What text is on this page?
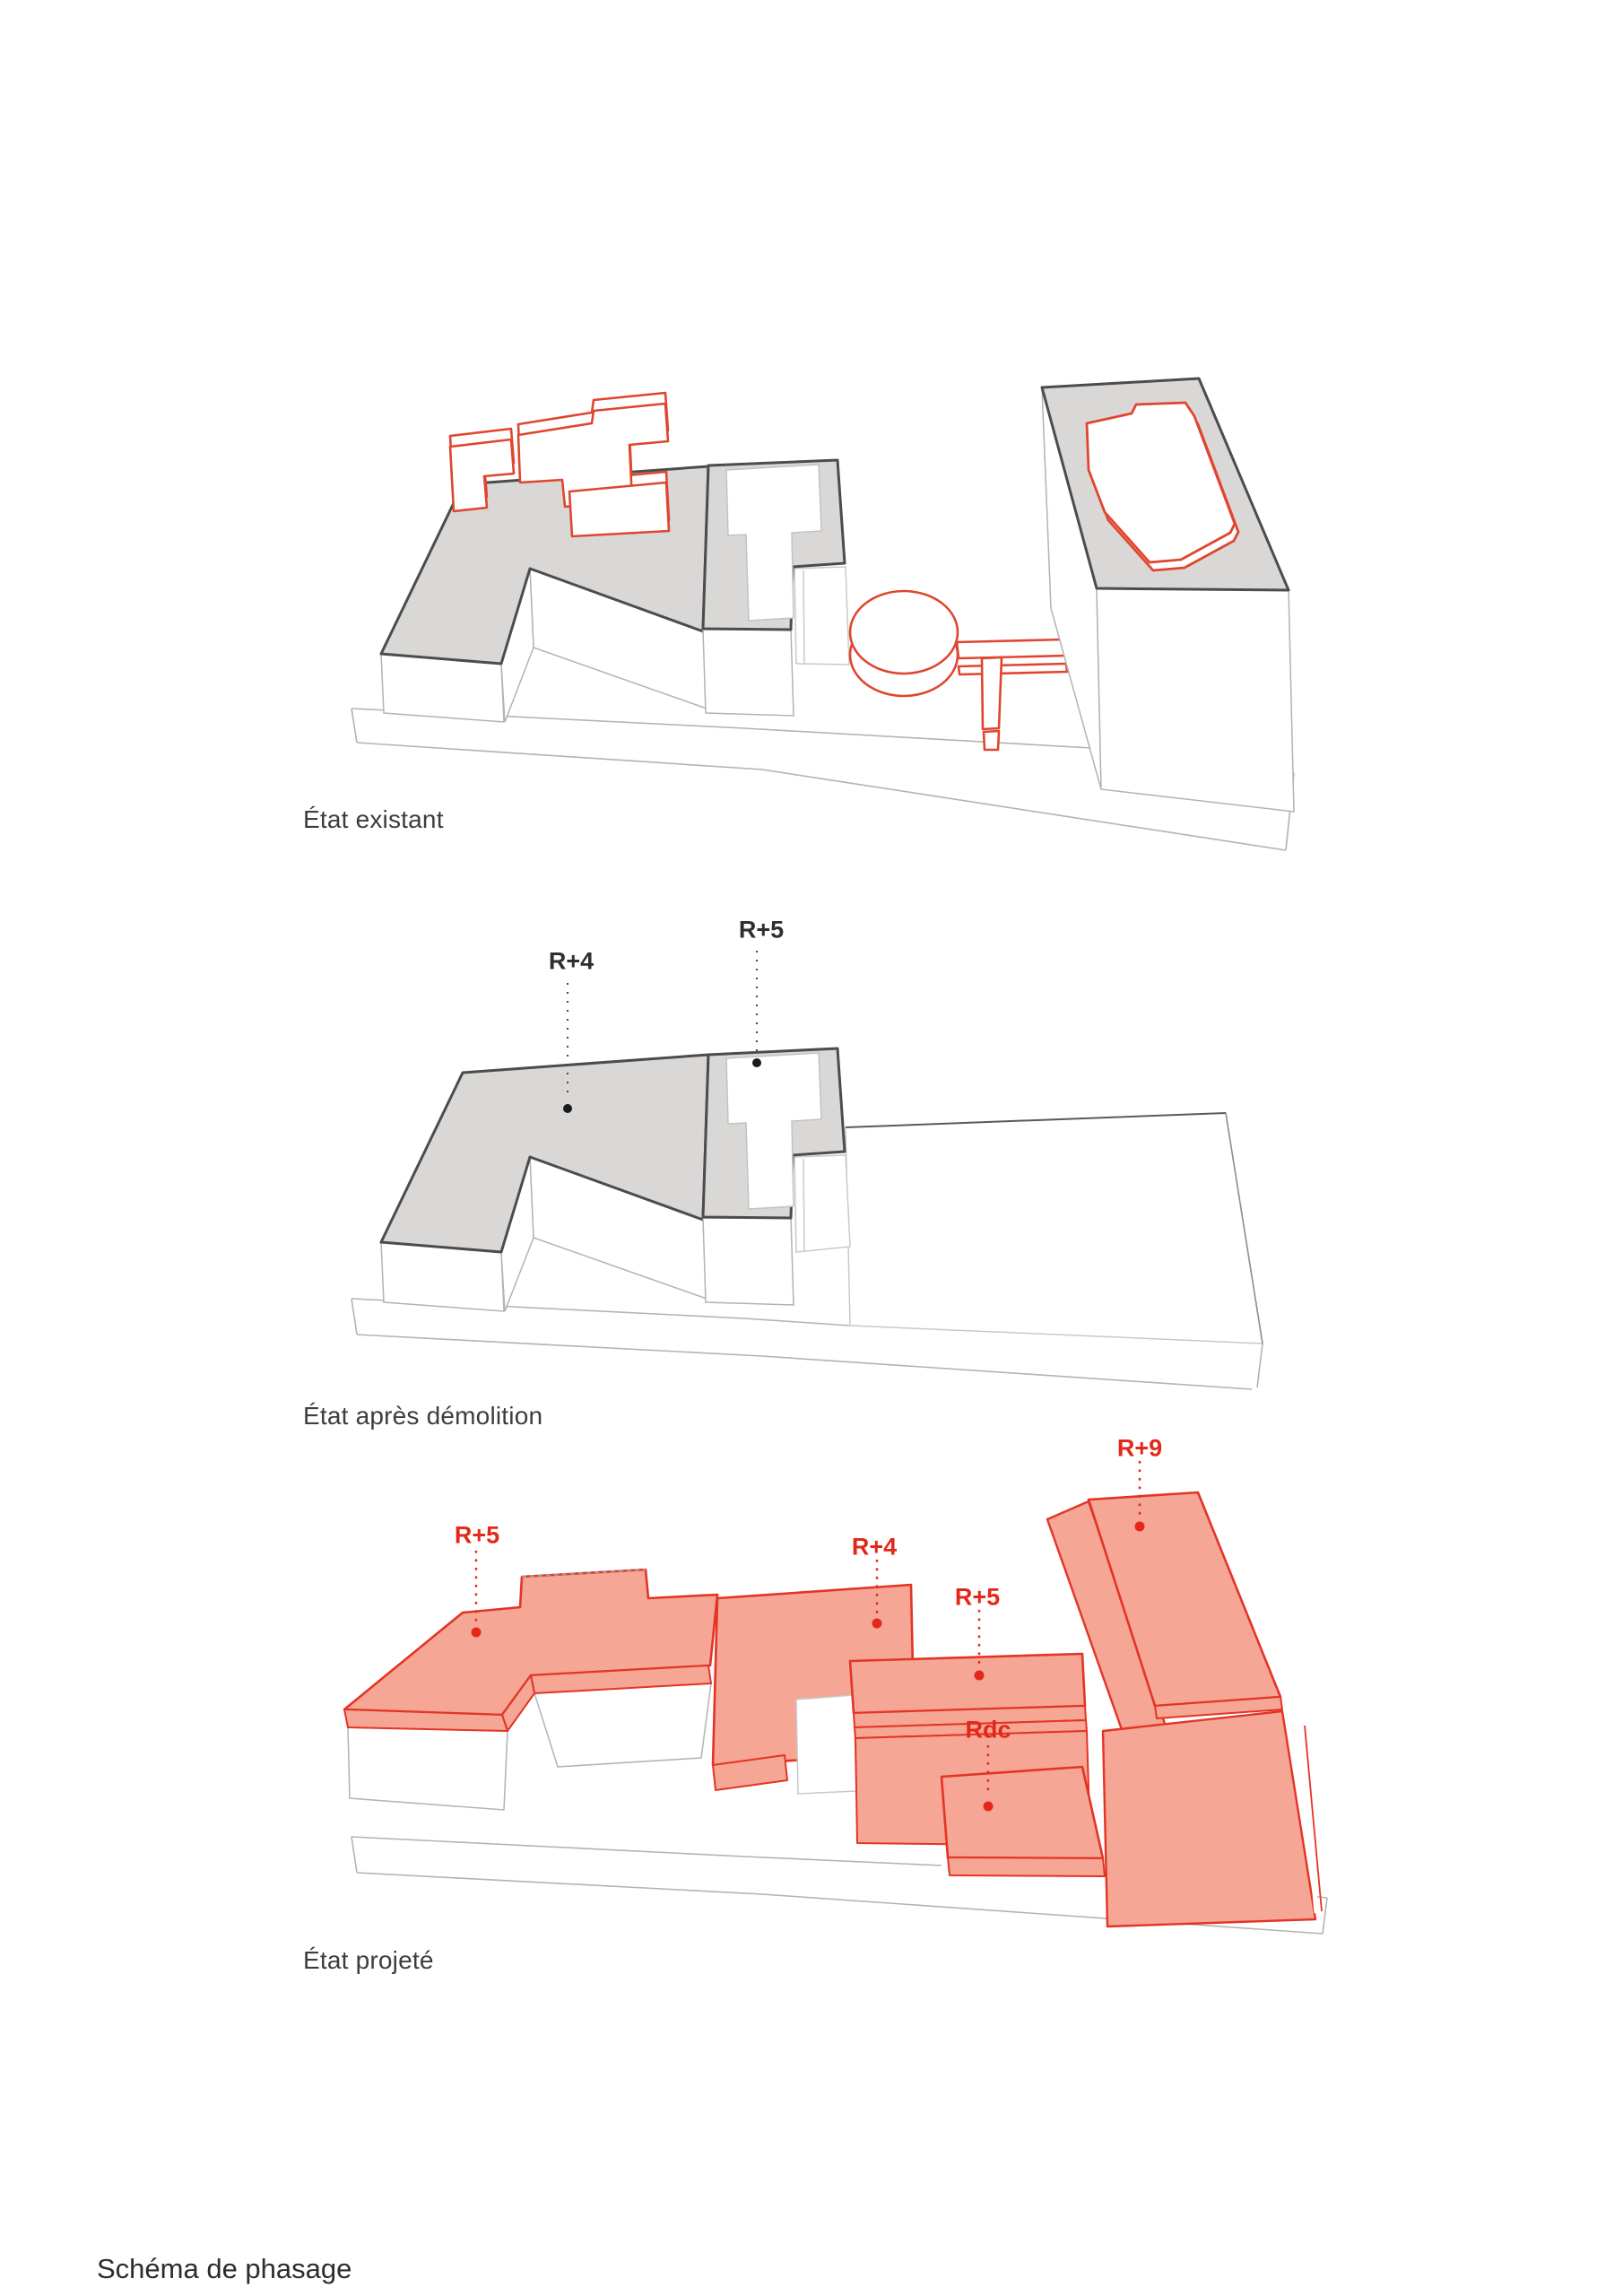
R+4
R+5
R+5	R+4
R+5
R+9
Rdc
État existant
État après démolition
État projeté
Schéma de phasage
